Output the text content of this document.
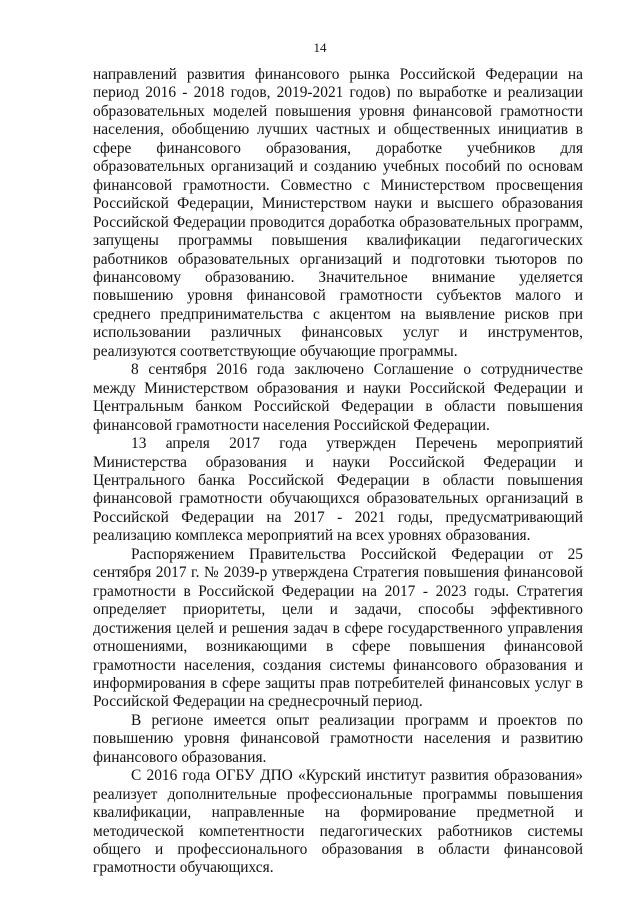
14

направлений развития финансового рынка Российской Федерации на период 2016 - 2018 годов, 2019-2021 годов) по выработке и реализации образовательных моделей повышения уровня финансовой грамотности населения, обобщению лучших частных и общественных инициатив в сфере финансового образования, доработке учебников для образовательных организаций и созданию учебных пособий по основам финансовой грамотности. Совместно с Министерством просвещения Российской Федерации, Министерством науки и высшего образования Российской Федерации проводится доработка образовательных программ, запущены программы повышения квалификации педагогических работников образовательных организаций и подготовки тьюторов по финансовому образованию. Значительное внимание уделяется повышению уровня финансовой грамотности субъектов малого и среднего предпринимательства с акцентом на выявление рисков при использовании различных финансовых услуг и инструментов, реализуются соответствующие обучающие программы.

8 сентября 2016 года заключено Соглашение о сотрудничестве между Министерством образования и науки Российской Федерации и Центральным банком Российской Федерации в области повышения финансовой грамотности населения Российской Федерации.

13 апреля 2017 года утвержден Перечень мероприятий Министерства образования и науки Российской Федерации и Центрального банка Российской Федерации в области повышения финансовой грамотности обучающихся образовательных организаций в Российской Федерации на 2017 - 2021 годы, предусматривающий реализацию комплекса мероприятий на всех уровнях образования.

Распоряжением Правительства Российской Федерации от 25 сентября 2017 г. № 2039-р утверждена Стратегия повышения финансовой грамотности в Российской Федерации на 2017 - 2023 годы. Стратегия определяет приоритеты, цели и задачи, способы эффективного достижения целей и решения задач в сфере государственного управления отношениями, возникающими в сфере повышения финансовой грамотности населения, создания системы финансового образования и информирования в сфере защиты прав потребителей финансовых услуг в Российской Федерации на среднесрочный период.

В регионе имеется опыт реализации программ и проектов по повышению уровня финансовой грамотности населения и развитию финансового образования.

С 2016 года ОГБУ ДПО «Курский институт развития образования» реализует дополнительные профессиональные программы повышения квалификации, направленные на формирование предметной и методической компетентности педагогических работников системы общего и профессионального образования в области финансовой грамотности обучающихся.
